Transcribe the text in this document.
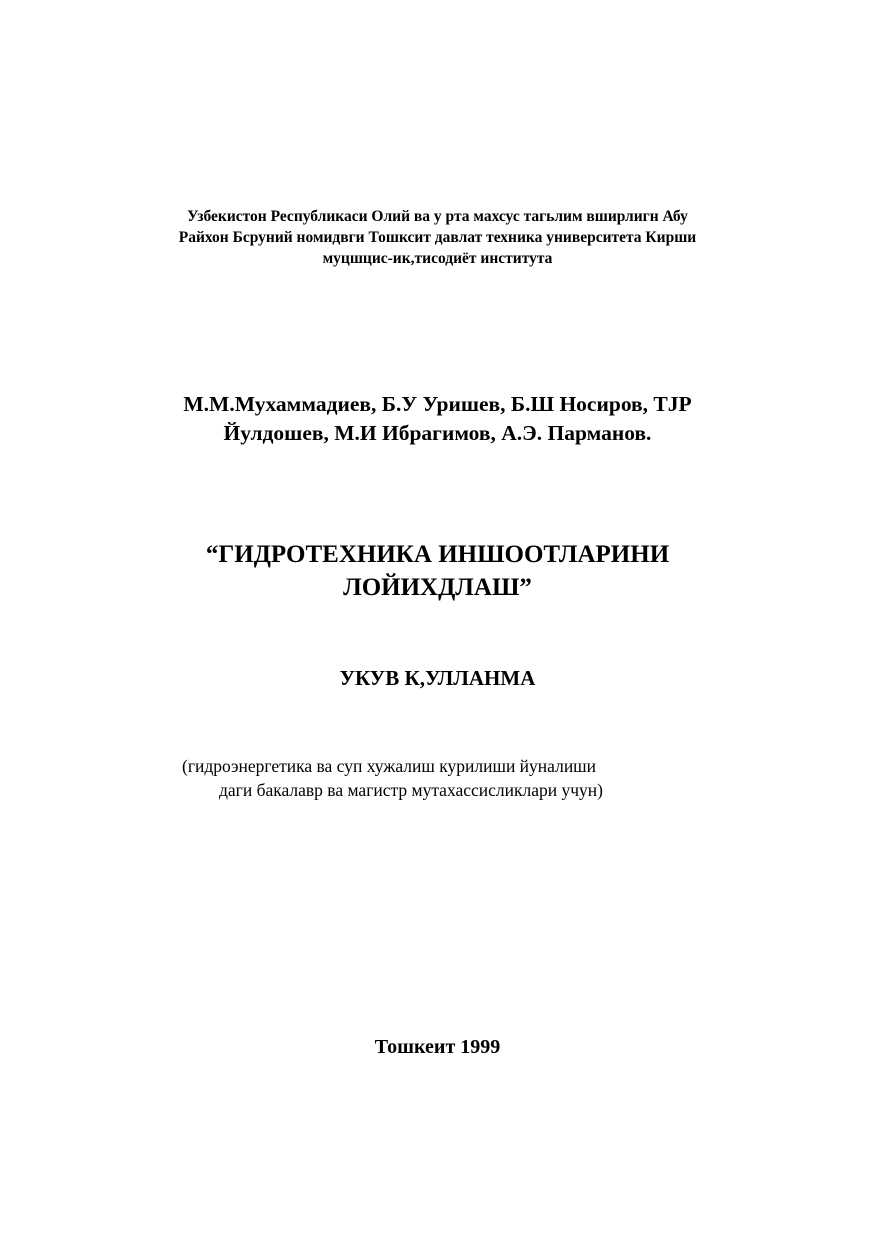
Узбекистон Республикаси Олий ва у рта махсус тагьлим вширлигн Абу
Райхон Бсруний номидвги Тошксит давлат техника университета Кирши
муцшцис-ик,тисодиёт института
М.М.Мухаммадиев, Б.У Уришев, Б.Ш Носиров, ТJР
Йулдошев, М.И Ибрагимов, А.Э. Парманов.
“ГИДРОТЕХНИКА ИНШООТЛАРИНИ
ЛОЙИХДЛАШ”
УКУВ К,УЛЛАНМА
(гидроэнергетика ва суп хужалиш курилиши йуналиши
даги бакалавр ва магистр мутахассисликлари учун)
Тошкеит 1999
